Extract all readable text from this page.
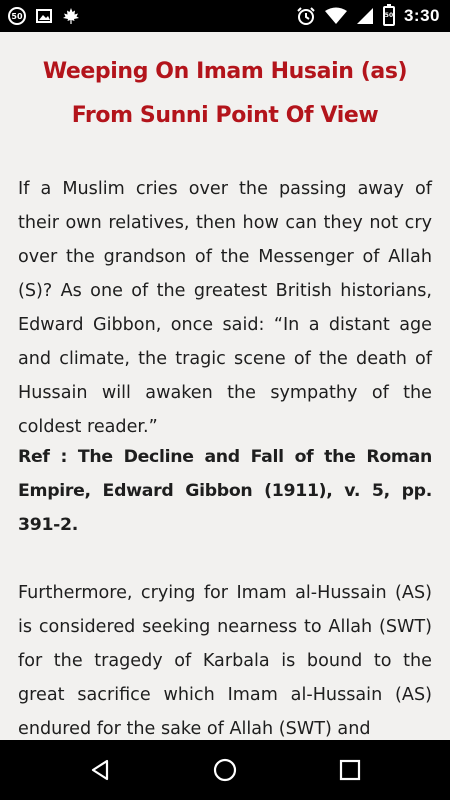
50	50 3:30
Weeping On Imam Husain (as)
From Sunni Point Of View

If a Muslim cries over the passing away of their own relatives, then how can they not cry over the grandson of the Messenger of Allah (S)? As one of the greatest British historians, Edward Gibbon, once said: “In a distant age and climate, the tragic scene of the death of Hussain will awaken the sympathy of the coldest reader.”

Ref : The Decline and Fall of the Roman Empire, Edward Gibbon (1911), v. 5, pp. 391-2.

Furthermore, crying for Imam al-Hussain (AS) is considered seeking nearness to Allah (SWT) for the tragedy of Karbala is bound to the great sacrifice which Imam al-Hussain (AS) endured for the sake of Allah (SWT) and
